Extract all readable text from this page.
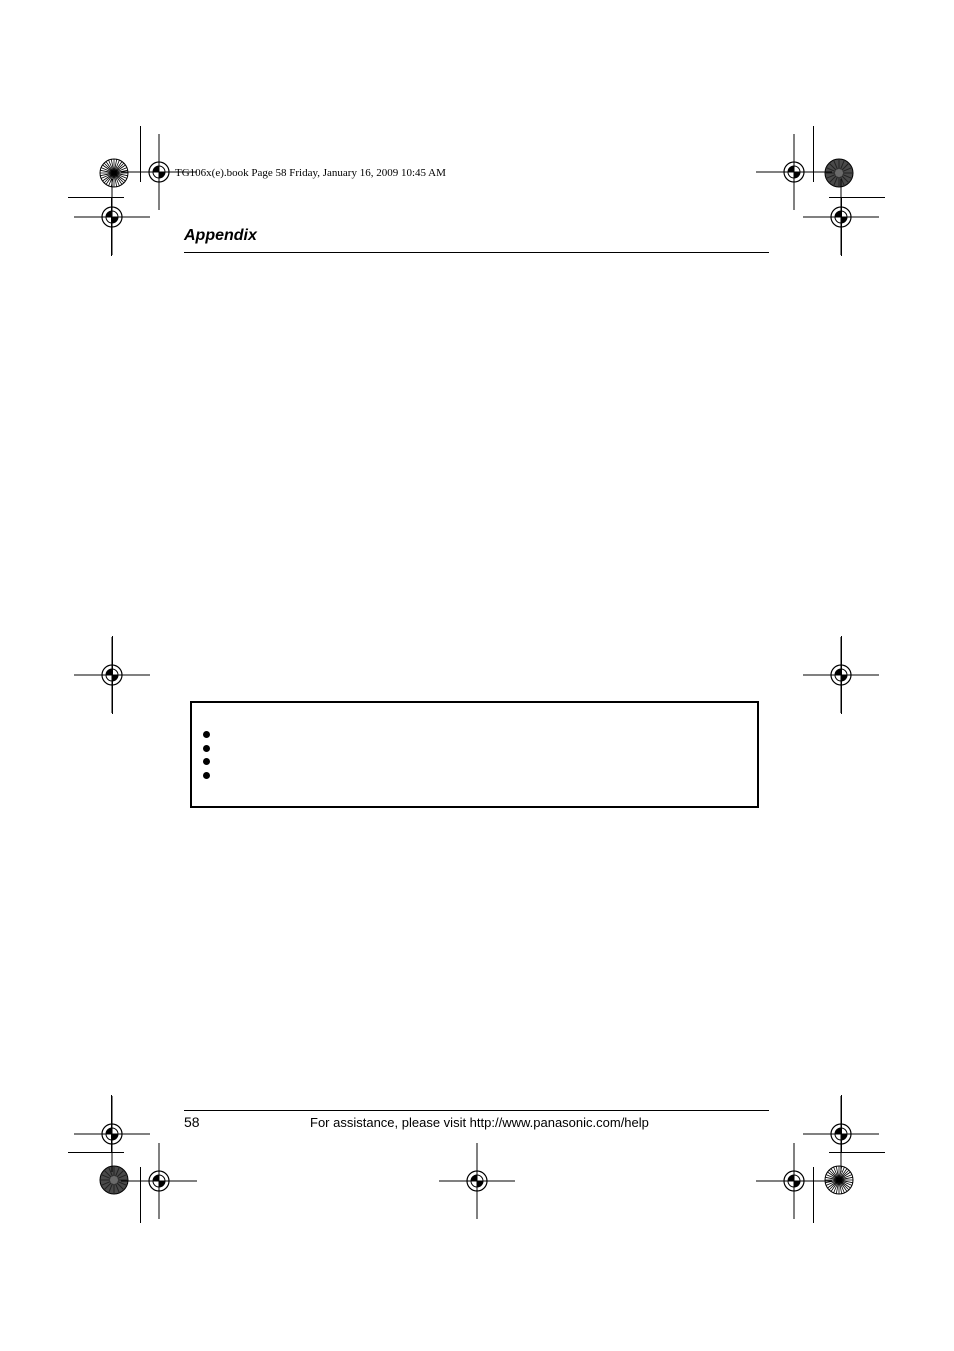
TG106x(e).book Page 58 Friday, January 16, 2009 10:45 AM
Appendix
58	For assistance, please visit http://www.panasonic.com/help
